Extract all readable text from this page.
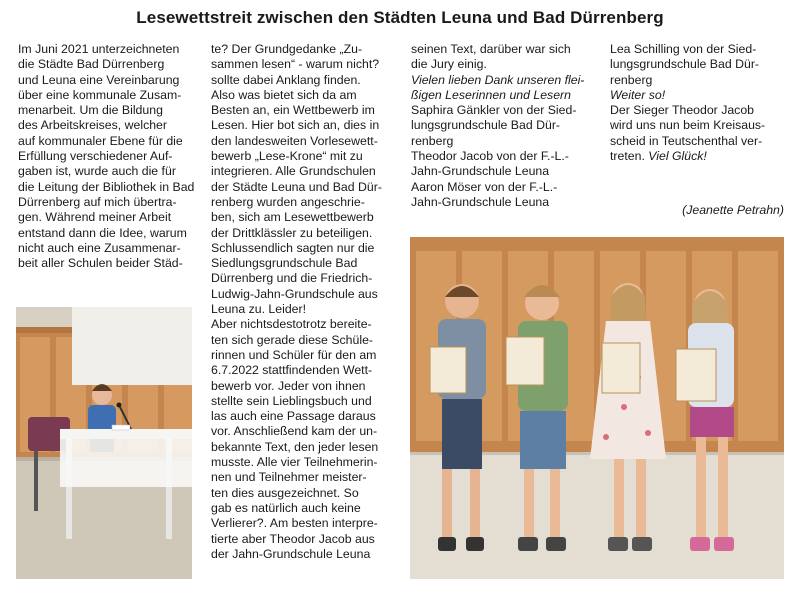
Lesewettstreit zwischen den Städten Leuna und Bad Dürrenberg
Im Juni 2021 unterzeichneten
die Städte Bad Dürrenberg
und Leuna eine Vereinbarung
über eine kommunale Zusam-
menarbeit. Um die Bildung
des Arbeitskreises, welcher
auf kommunaler Ebene für die
Erfüllung verschiedener Auf-
gaben ist, wurde auch die für
die Leitung der Bibliothek in Bad
Dürrenberg auf mich übertra-
gen. Während meiner Arbeit
entstand dann die Idee, warum
nicht auch eine Zusammenar-
beit aller Schulen beider Städ-
te? Der Grundgedanke „Zu-
sammen lesen“ - warum nicht?
sollte dabei Anklang finden.
Also was bietet sich da am
Besten an, ein Wettbewerb im
Lesen. Hier bot sich an, dies in
den landesweiten Vorlesewett-
bewerb „Lese-Krone“ mit zu
integrieren. Alle Grundschulen
der Städte Leuna und Bad Dür-
renberg wurden angeschrie-
ben, sich am Lesewettbewerb
der Drittklässler zu beteiligen.
Schlussendlich sagten nur die
Siedlungsgrundschule Bad
Dürrenberg und die Friedrich-
Ludwig-Jahn-Grundschule aus
Leuna zu. Leider!
Aber nichtsdestotrotz bereite-
ten sich gerade diese Schüle-
rinnen und Schüler für den am
6.7.2022 stattfindenden Wett-
bewerb vor. Jeder von ihnen
stellte sein Lieblingsbuch und
las auch eine Passage daraus
vor. Anschließend kam der un-
bekannte Text, den jeder lesen
musste. Alle vier Teilnehmerin-
nen und Teilnehmer meister-
ten dies ausgezeichnet. So
gab es natürlich auch keine
Verlierer?. Am besten interpre-
tierte aber Theodor Jacob aus
der Jahn-Grundschule Leuna
seinen Text, darüber war sich
die Jury einig.
Vielen lieben Dank unseren flei-
ßigen Leserinnen und Lesern
Saphira Gänkler von der Sied-
lungsgrundschule Bad Dür-
renberg
Theodor Jacob von der F.-L.-
Jahn-Grundschule Leuna
Aaron Möser von der F.-L.-
Jahn-Grundschule Leuna
Lea Schilling von der Sied-
lungsgrundschule Bad Dür-
renberg
Weiter so!
Der Sieger Theodor Jacob
wird uns nun beim Kreisaus-
scheid in Teutschenthal ver-
treten. Viel Glück!
(Jeanette Petrahn)
